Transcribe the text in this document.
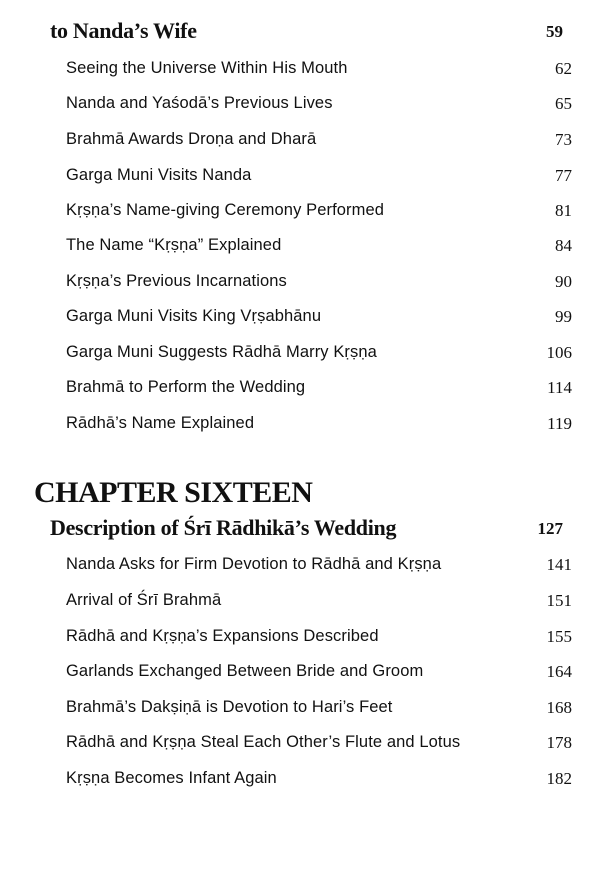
to Nanda’s Wife	59
Seeing the Universe Within His Mouth	62
Nanda and Yaśodā’s Previous Lives	65
Brahmā Awards Droṇa and Dharā	73
Garga Muni Visits Nanda	77
Kṛṣṇa’s Name-giving Ceremony Performed	81
The Name “Kṛṣṇa” Explained	84
Kṛṣṇa’s Previous Incarnations	90
Garga Muni Visits King Vṛṣabhānu	99
Garga Muni Suggests Rādhā Marry Kṛṣṇa	106
Brahmā to Perform the Wedding	114
Rādhā’s Name Explained	119
CHAPTER SIXTEEN
Description of Śrī Rādhikā’s Wedding	127
Nanda Asks for Firm Devotion to Rādhā and Kṛṣṇa	141
Arrival of Śrī Brahmā	151
Rādhā and Kṛṣṇa’s Expansions Described	155
Garlands Exchanged Between Bride and Groom	164
Brahmā’s Dakṣiṇā is Devotion to Hari’s Feet	168
Rādhā and Kṛṣṇa Steal Each Other’s Flute and Lotus	178
Kṛṣṇa Becomes Infant Again	182
